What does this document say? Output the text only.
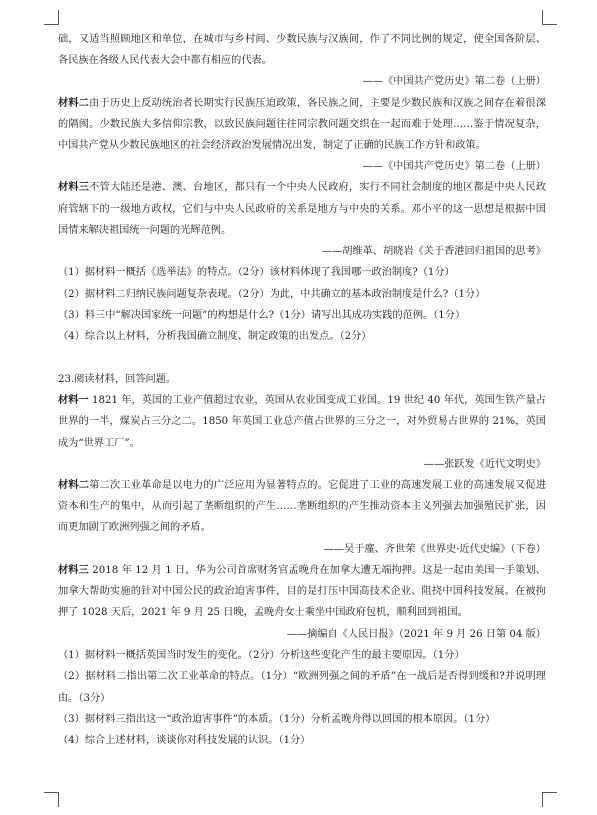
础，又适当照顾地区和单位，在城市与乡村间、少数民族与汉族间，作了不同比例的规定，使全国各阶层、各民族在各级人民代表大会中都有相应的代表。

——《中国共产党历史》第二卷（上册）

材料二由于历史上反动统治者长期实行民族压迫政策，各民族之间，主要是少数民族和汉族之间存在着很深的隔阂。少数民族大多信仰宗教，以致民族问题往往同宗教问题交织在一起而难于处理……鉴于情况复杂，中国共产党从少数民族地区的社会经济政治发展情况出发，制定了正确的民族工作方针和政策。

——《中国共产党历史》第二卷（上册）

材料三不管大陆还是港、澳、台地区，都只有一个中央人民政府，实行不同社会制度的地区都是中央人民政府管辖下的一级地方政权，它们与中央人民政府的关系是地方与中央的关系。邓小平的这一思想是根据中国国情来解决祖国统一问题的光辉范例。

——胡维革、胡晓岩《关于香港回归祖国的思考》

（1）据材料一概括《选举法》的特点。（2分）该材料体现了我国哪一政治制度?（1分）

（2）据材料二归纳民族问题复杂表现。（2分）为此，中共确立的基本政治制度是什么?（1分）

（3）料三中“解决国家统一问题”的构想是什么?（1分）请写出其成功实践的范例。（1分）

（4）综合以上材料，分析我国确立制度、制定政策的出发点。（2分）

23.阅读材料，回答问题。

材料一 1821 年，英国的工业产值超过农业，英国从农业国变成工业国。19 世纪 40 年代，英国生铁产量占世界的一半，煤炭占三分之二。1850 年英国工业总产值占世界的三分之一，对外贸易占世界的 21%，英国成为“世界工厂”。

——张跃发《近代文明史》

材料二第二次工业革命是以电力的广泛应用为显著特点的。它促进了工业的高速发展工业的高速发展又促进资本和生产的集中，从而引起了垄断组织的产生……垄断组织的产生推动资本主义列强去加强殖民扩张，因而更加剧了欧洲列强之间的矛盾。

——吴于廑、齐世荣《世界史·近代史编》（下卷）

材料三 2018 年 12 月 1 日，华为公司首席财务官孟晚舟在加拿大遭无端拘押。这是一起由美国一手策划、加拿大帮助实施的针对中国公民的政治迫害事件，目的是打压中国高技术企业、阻挠中国科技发展。在被拘押了 1028 天后，2021 年 9 月 25 日晚，孟晚舟女士乘坐中国政府包机，顺利回到祖国。

——摘编自《人民日报》（2021 年 9 月 26 日第 04 版）

（1）据材料一概括英国当时发生的变化。（2分）分析这些变化产生的最主要原因。（1分）

（2）据材料二指出第二次工业革命的特点。（1分）“欧洲列强之间的矛盾”在一战后是否得到缓和?并说明理由。（3分）

（3）据材料三指出这一“政治迫害事件”的本质。（1分）分析孟晚舟得以回国的根本原因。（1分）

（4）综合上述材料，谈谈你对科技发展的认识。（1分）
